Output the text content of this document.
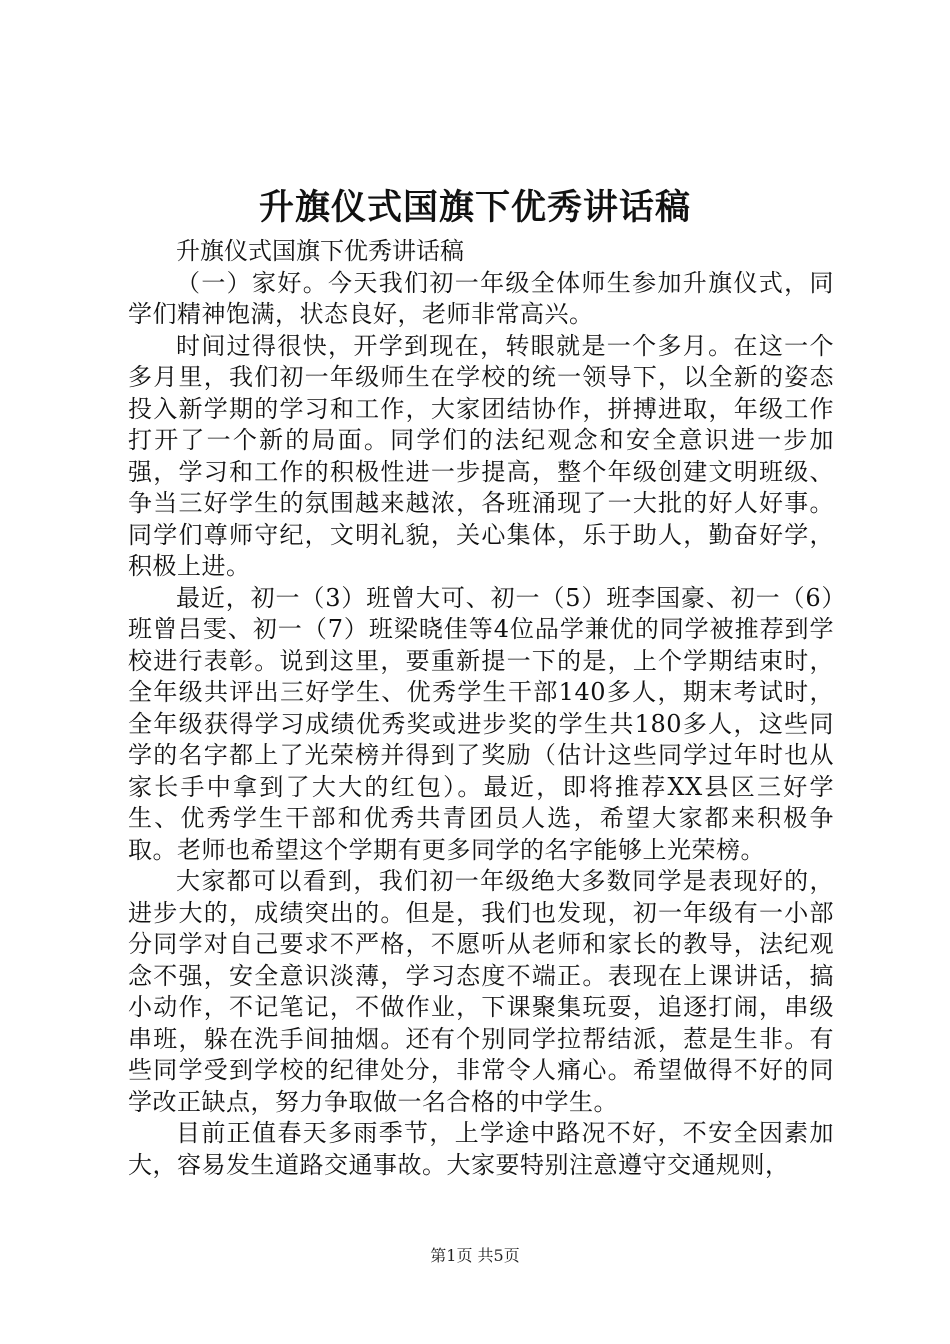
升旗仪式国旗下优秀讲话稿

升旗仪式国旗下优秀讲话稿

（一）家好。今天我们初一年级全体师生参加升旗仪式，同学们精神饱满，状态良好，老师非常高兴。

时间过得很快，开学到现在，转眼就是一个多月。在这一个多月里，我们初一年级师生在学校的统一领导下，以全新的姿态投入新学期的学习和工作，大家团结协作，拼搏进取，年级工作打开了一个新的局面。同学们的法纪观念和安全意识进一步加强，学习和工作的积极性进一步提高，整个年级创建文明班级、争当三好学生的氛围越来越浓，各班涌现了一大批的好人好事。同学们尊师守纪，文明礼貌，关心集体，乐于助人，勤奋好学，积极上进。

最近，初一（3）班曾大可、初一（5）班李国豪、初一（6）班曾吕雯、初一（7）班梁晓佳等4位品学兼优的同学被推荐到学校进行表彰。说到这里，要重新提一下的是，上个学期结束时，全年级共评出三好学生、优秀学生干部140多人，期末考试时，全年级获得学习成绩优秀奖或进步奖的学生共180多人，这些同学的名字都上了光荣榜并得到了奖励（估计这些同学过年时也从家长手中拿到了大大的红包）。最近，即将推荐XX县区三好学生、优秀学生干部和优秀共青团员人选，希望大家都来积极争取。老师也希望这个学期有更多同学的名字能够上光荣榜。

大家都可以看到，我们初一年级绝大多数同学是表现好的，进步大的，成绩突出的。但是，我们也发现，初一年级有一小部分同学对自己要求不严格，不愿听从老师和家长的教导，法纪观念不强，安全意识淡薄，学习态度不端正。表现在上课讲话，搞小动作，不记笔记，不做作业，下课聚集玩耍，追逐打闹，串级串班，躲在洗手间抽烟。还有个别同学拉帮结派，惹是生非。有些同学受到学校的纪律处分，非常令人痛心。希望做得不好的同学改正缺点，努力争取做一名合格的中学生。

目前正值春天多雨季节，上学途中路况不好，不安全因素加大，容易发生道路交通事故。大家要特别注意遵守交通规则，

第1页 共5页
